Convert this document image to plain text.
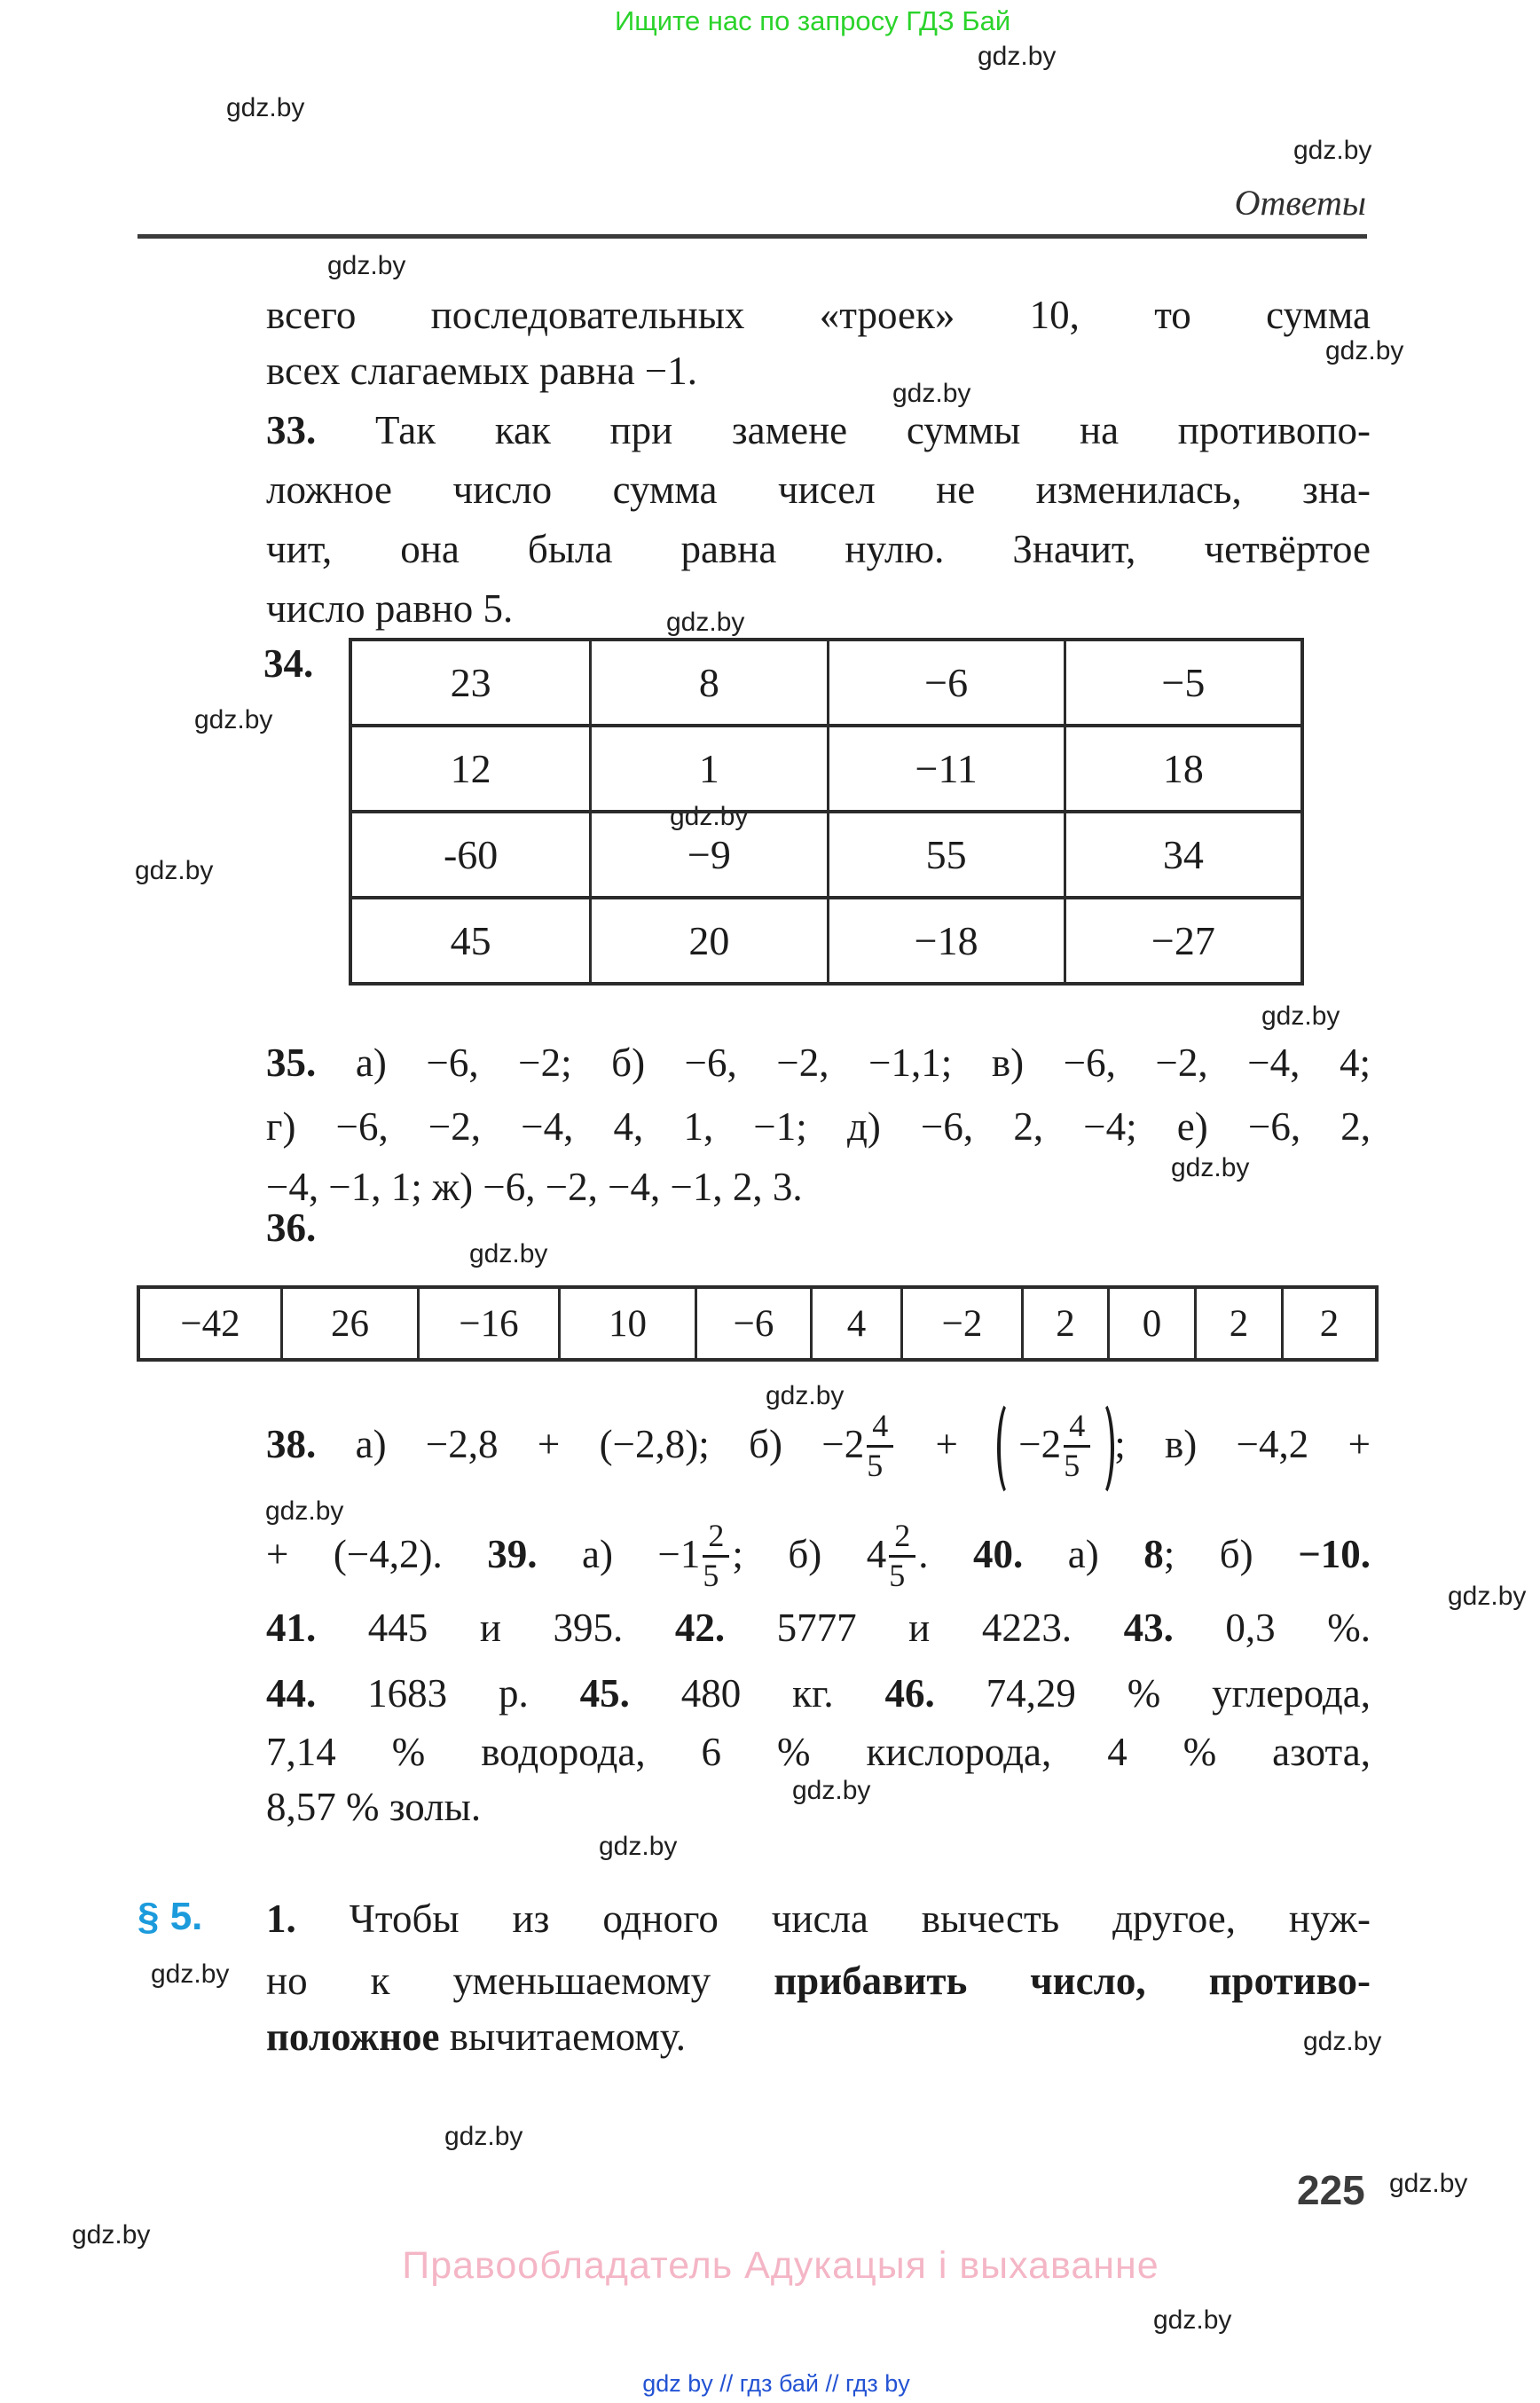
Ищите нас по запросу ГДЗ Бай
gdz.by
gdz.by
gdz.by
gdz.by
gdz.by
gdz.by
gdz.by
gdz.by
gdz.by
gdz.by
gdz.by
gdz.by
gdz.by
gdz.by
gdz.by
gdz.by
gdz.by
gdz.by
gdz.by
gdz.by
gdz.by
gdz.by
gdz.by
gdz.by
Ответы
всего последовательных «троек» 10, то сумма
всех слагаемых равна −1.
33. Так как при замене суммы на противопо-
ложное число сумма чисел не изменилась, зна-
чит, она была равна нулю. Значит, четвёртое
число равно 5.
34.	23	8	−6	−5
12	1	−11	18
-60	−9	55	34
45	20	−18	−27
35. а) −6, −2; б) −6, −2, −1,1; в) −6, −2, −4, 4;
г) −6, −2, −4, 4, 1, −1; д) −6, 2, −4; е) −6, 2,
−4, −1, 1; ж) −6, −2, −4, −1, 2, 3.
36.
−42	26	−16	10	−6	4	−2	2	0	2	2
38. а) −2,8 + (−2,8); $б) -2 \frac{4}{5} + -2 \frac{4}{5}$ ; в) −4,2 +
+ (−4,2). 39. $а) -1 \frac{2}{5}$ ; б) $4 \frac{2}{5}$ . 40. а) 8; б) −10.
41. 445 и 395. 42. 5777 и 4223. 43. 0,3 %.
44. 1683 р. 45. 480 кг. 46. 74,29 % углерода,
7,14 % водорода, 6 % кислорода, 4 % азота,
8,57 % золы.
§ 5. 1. Чтобы из одного числа вычесть другое, нуж-
но к уменьшаемому прибавить число, противо-
положное вычитаемому.
225
Правообладатель Адукацыя і выхаванне
gdz by // гдз бай // гдз by
